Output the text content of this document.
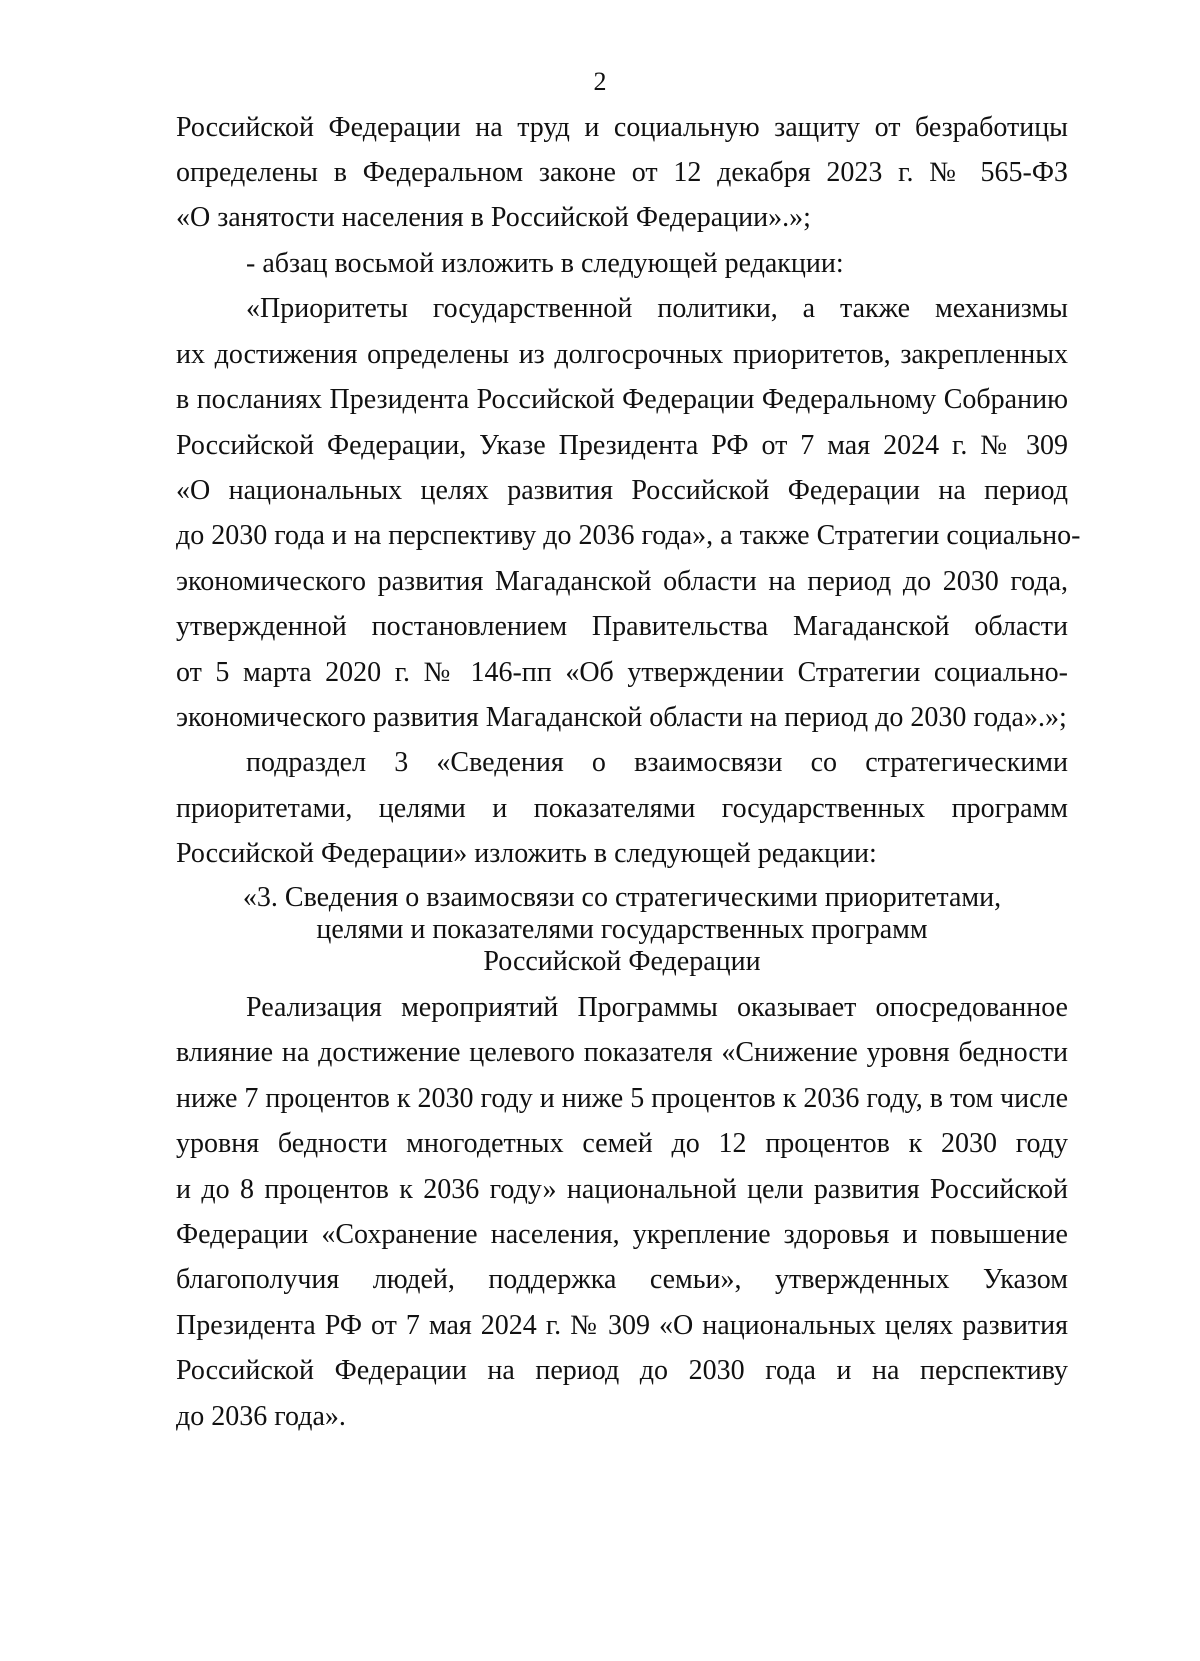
2
Российской Федерации на труд и социальную защиту от безработицы
определены в Федеральном законе от 12 декабря 2023 г. № 565-ФЗ
«О занятости населения в Российской Федерации».»;
- абзац восьмой изложить в следующей редакции:
«Приоритеты государственной политики, а также механизмы
их достижения определены из долгосрочных приоритетов, закрепленных
в посланиях Президента Российской Федерации Федеральному Собранию
Российской Федерации, Указе Президента РФ от 7 мая 2024 г. № 309
«О национальных целях развития Российской Федерации на период
до 2030 года и на перспективу до 2036 года», а также Стратегии социально-
экономического развития Магаданской области на период до 2030 года,
утвержденной постановлением Правительства Магаданской области
от 5 марта 2020 г. № 146-пп «Об утверждении Стратегии социально-
экономического развития Магаданской области на период до 2030 года».»;
подраздел 3 «Сведения о взаимосвязи со стратегическими
приоритетами, целями и показателями государственных программ
Российской Федерации» изложить в следующей редакции:
«3. Сведения о взаимосвязи со стратегическими приоритетами,
целями и показателями государственных программ
Российской Федерации
Реализация мероприятий Программы оказывает опосредованное
влияние на достижение целевого показателя «Снижение уровня бедности
ниже 7 процентов к 2030 году и ниже 5 процентов к 2036 году, в том числе
уровня бедности многодетных семей до 12 процентов к 2030 году
и до 8 процентов к 2036 году» национальной цели развития Российской
Федерации «Сохранение населения, укрепление здоровья и повышение
благополучия людей, поддержка семьи», утвержденных Указом
Президента РФ от 7 мая 2024 г. № 309 «О национальных целях развития
Российской Федерации на период до 2030 года и на перспективу
до 2036 года».
